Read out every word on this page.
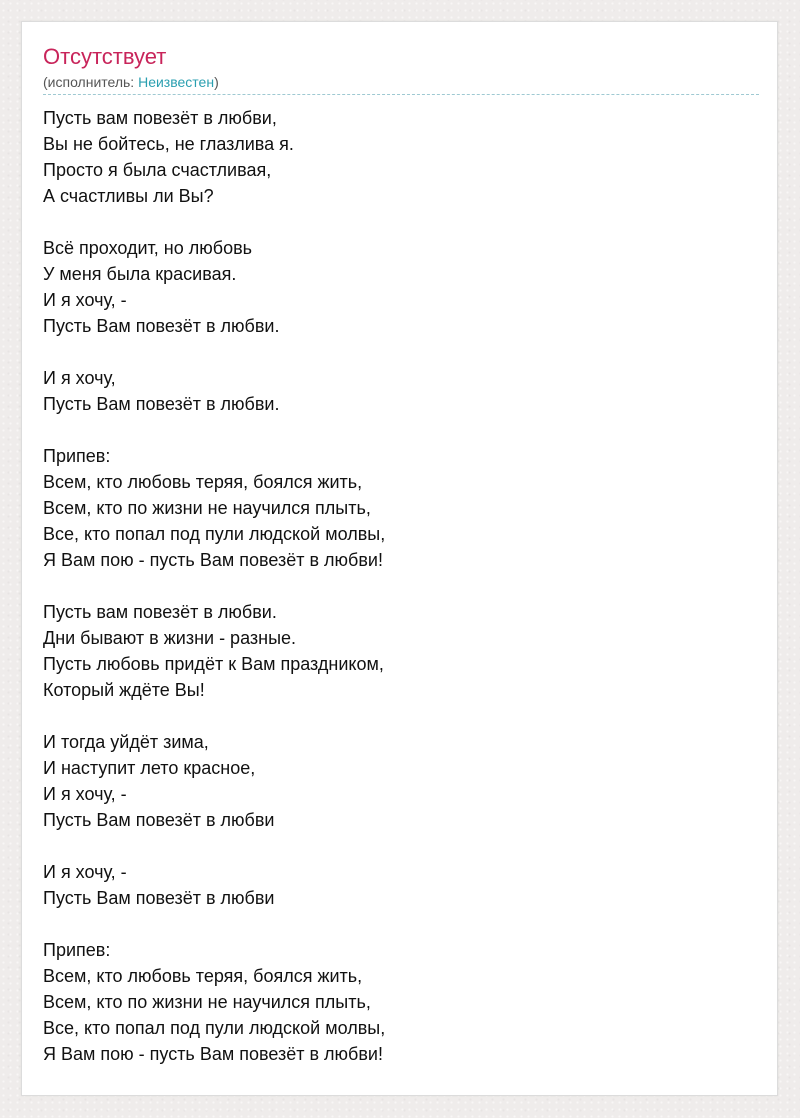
Отсутствует
(исполнитель: Неизвестен)
Пусть вам повезёт в любви,
Вы не бойтесь, не глазлива я.
Просто я была счастливая,
А счастливы ли Вы?
Всё проходит, но любовь
У меня была красивая.
И я хочу, -
Пусть Вам повезёт в любви.
И я хочу,
Пусть Вам повезёт в любви.
Припев:
Всем, кто любовь теряя, боялся жить,
Всем, кто по жизни не научился плыть,
Все, кто попал под пули людской молвы,
Я Вам пою - пусть Вам повезёт в любви!
Пусть вам повезёт в любви.
Дни бывают в жизни - разные.
Пусть любовь придёт к Вам праздником,
Который ждёте Вы!
И тогда уйдёт зима,
И наступит лето красное,
И я хочу, -
Пусть Вам повезёт в любви
И я хочу, -
Пусть Вам повезёт в любви
Припев:
Всем, кто любовь теряя, боялся жить,
Всем, кто по жизни не научился плыть,
Все, кто попал под пули людской молвы,
Я Вам пою - пусть Вам повезёт в любви!
